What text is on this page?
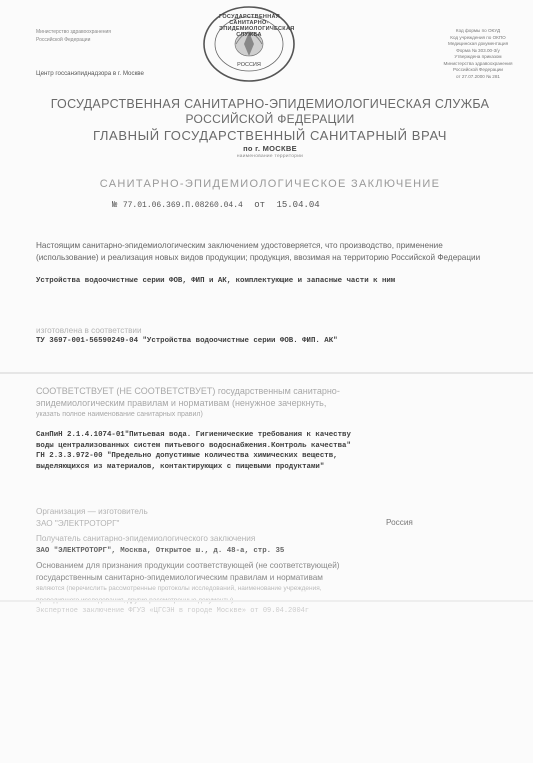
ГОСУДАРСТВЕННАЯ САНИТАРНО-ЭПИДЕМИОЛОГИЧЕСКАЯ СЛУЖБА
РОССИЯ
Министерство здравоохранения
Российской Федерации
Центр госсанэпиднадзора в г. Москве
Код формы по ОКУД
Код учреждения по ОКПО
Медицинская документация
Форма № 303.00-3/у
Утверждена приказом
Министерства здравоохранения
Российской Федерации
от 27.07.2000 № 281
ГОСУДАРСТВЕННАЯ САНИТАРНО-ЭПИДЕМИОЛОГИЧЕСКАЯ СЛУЖБА
РОССИЙСКОЙ ФЕДЕРАЦИИ
ГЛАВНЫЙ ГОСУДАРСТВЕННЫЙ САНИТАРНЫЙ ВРАЧ
по г. МОСКВЕ
наименование территории
САНИТАРНО-ЭПИДЕМИОЛОГИЧЕСКОЕ ЗАКЛЮЧЕНИЕ
№ 77.01.06.369.П.08260.04.4 от 15.04.04
Настоящим санитарно-эпидемиологическим заключением удостоверяется, что производство, применение (использование) и реализация новых видов продукции; продукция, ввозимая на территорию Российской Федерации
Устройства водоочистные серии ФОВ, ФИП и АК, комплектующие и запасные части к ним
изготовлена в соответствии
ТУ 3697-001-56590249-04 "Устройства водоочистные серии ФОВ. ФИП. АК"
СООТВЕТСТВУЕТ (НЕ СООТВЕТСТВУЕТ) государственным санитарно-
эпидемиологическим правилам и нормативам (ненужное зачеркнуть,
указать полное наименование санитарных правил)
СанПиН 2.1.4.1074-01"Питьевая вода. Гигиенические требования к качеству
воды централизованных систем питьевого водоснабжения.Контроль качества"
ГН 2.3.3.972-00 "Предельно допустимые количества химических веществ,
выделяющихся из материалов, контактирующих с пищевыми продуктами"
Организация — изготовитель
ЗАО "ЭЛЕКТРОТОРГ"	Россия
Получатель санитарно-эпидемиологического заключения
ЗАО "ЭЛЕКТРОТОРГ", Москва, Открытое ш., д. 48-а, стр. 35
Основанием для признания продукции соответствующей (не соответствующей)
государственным санитарно-эпидемиологическим правилам и нормативам
являются (перечислить рассмотренные протоколы исследований, наименование учреждения,
Экспертное заключение ФГУЗ «ЦГСЭН в городе Москве» от 09.04.2004г
